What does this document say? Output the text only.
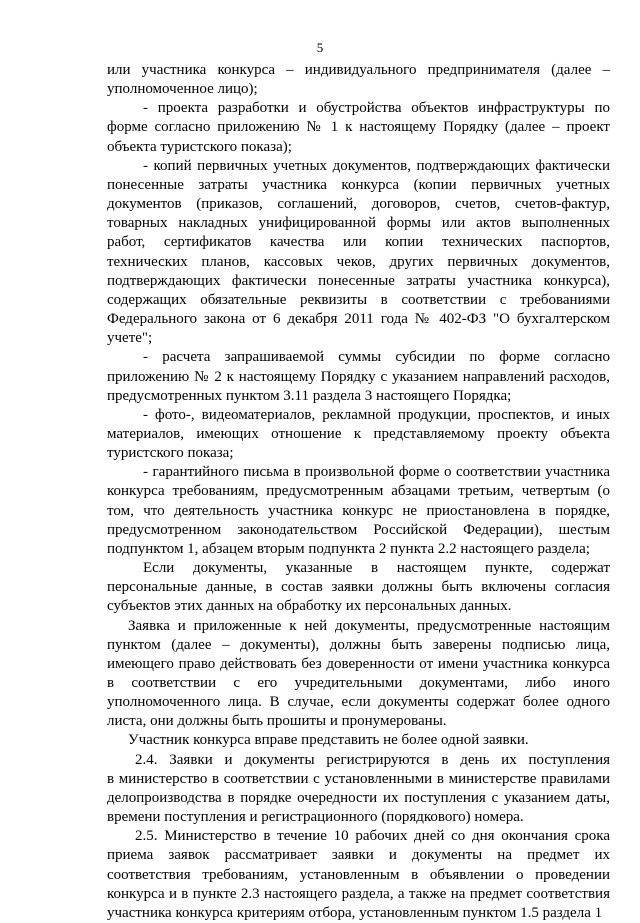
5
или участника конкурса – индивидуального предпринимателя (далее –
уполномоченное лицо);
- проекта разработки и обустройства объектов инфраструктуры по
форме согласно приложению № 1 к настоящему Порядку (далее – проект
объекта туристского показа);
- копий первичных учетных документов, подтверждающих фактически
понесенные затраты участника конкурса (копии первичных учетных
документов (приказов, соглашений, договоров, счетов, счетов-фактур,
товарных накладных унифицированной формы или актов выполненных
работ, сертификатов качества или копии технических паспортов,
технических планов, кассовых чеков, других первичных документов,
подтверждающих фактически понесенные затраты участника конкурса),
содержащих обязательные реквизиты в соответствии с требованиями
Федерального закона от 6 декабря 2011 года № 402-ФЗ "О бухгалтерском
учете";
- расчета запрашиваемой суммы субсидии по форме согласно
приложению № 2 к настоящему Порядку с указанием направлений расходов,
предусмотренных пунктом 3.11 раздела 3 настоящего Порядка;
- фото-, видеоматериалов, рекламной продукции, проспектов, и иных
материалов, имеющих отношение к представляемому проекту объекта
туристского показа;
- гарантийного письма в произвольной форме о соответствии участника
конкурса требованиям, предусмотренным абзацами третьим, четвертым (о
том, что деятельность участника конкурс не приостановлена в порядке,
предусмотренном законодательством Российской Федерации), шестым
подпунктом 1, абзацем вторым подпункта 2 пункта 2.2 настоящего раздела;
Если документы, указанные в настоящем пункте, содержат
персональные данные, в состав заявки должны быть включены согласия
субъектов этих данных на обработку их персональных данных.
Заявка и приложенные к ней документы, предусмотренные настоящим
пунктом (далее – документы), должны быть заверены подписью лица,
имеющего право действовать без доверенности от имени участника конкурса
в соответствии с его учредительными документами, либо иного
уполномоченного лица. В случае, если документы содержат более одного
листа, они должны быть прошиты и пронумерованы.
Участник конкурса вправе представить не более одной заявки.
2.4. Заявки и документы регистрируются в день их поступления
в министерство в соответствии с установленными в министерстве правилами
делопроизводства в порядке очередности их поступления с указанием даты,
времени поступления и регистрационного (порядкового) номера.
2.5. Министерство в течение 10 рабочих дней со дня окончания срока
приема заявок рассматривает заявки и документы на предмет их
соответствия требованиям, установленным в объявлении о проведении
конкурса и в пункте 2.3 настоящего раздела, а также на предмет соответствия
участника конкурса критериям отбора, установленным пунктом 1.5 раздела 1
